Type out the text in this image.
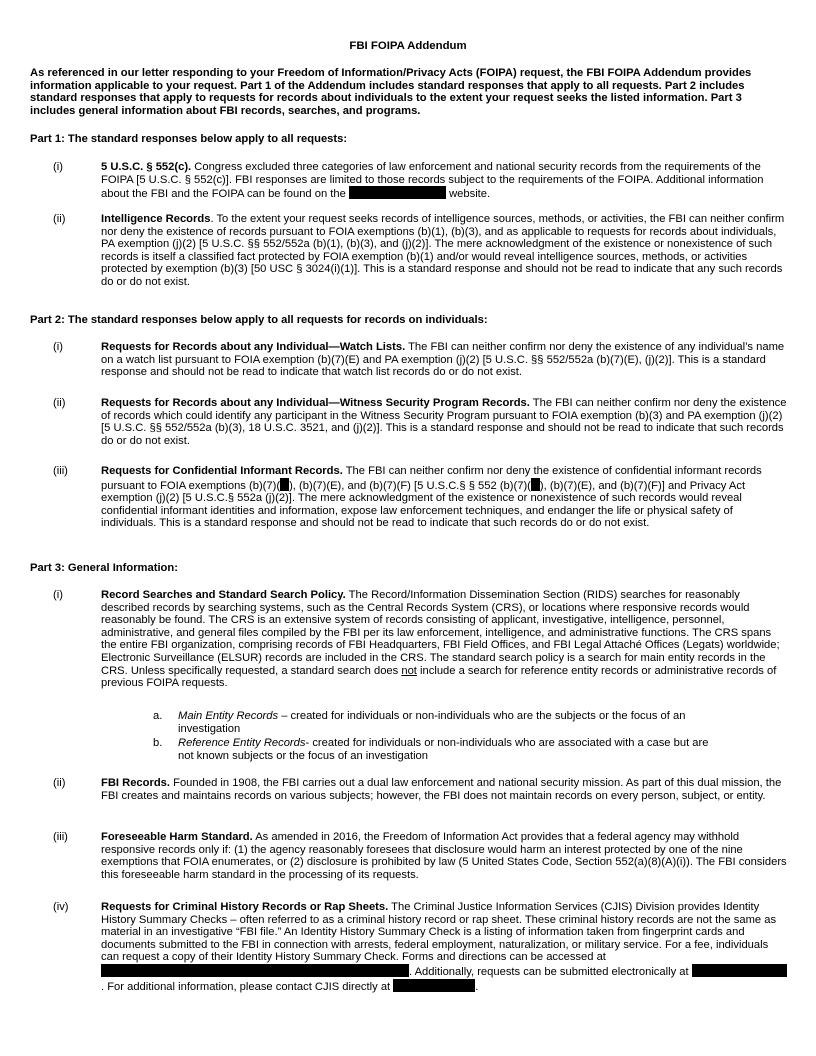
FBI FOIPA Addendum
As referenced in our letter responding to your Freedom of Information/Privacy Acts (FOIPA) request, the FBI FOIPA Addendum provides information applicable to your request. Part 1 of the Addendum includes standard responses that apply to all requests. Part 2 includes standard responses that apply to requests for records about individuals to the extent your request seeks the listed information. Part 3 includes general information about FBI records, searches, and programs.
Part 1: The standard responses below apply to all requests:
(i)	5 U.S.C. § 552(c). Congress excluded three categories of law enforcement and national security records from the requirements of the FOIPA [5 U.S.C. § 552(c)]. FBI responses are limited to those records subject to the requirements of the FOIPA. Additional information about the FBI and the FOIPA can be found on the	website.
(ii)	Intelligence Records. To the extent your request seeks records of intelligence sources, methods, or activities, the FBI can neither confirm nor deny the existence of records pursuant to FOIA exemptions (b)(1), (b)(3), and as applicable to requests for records about individuals, PA exemption (j)(2) [5 U.S.C. §§ 552/552a (b)(1), (b)(3), and (j)(2)]. The mere acknowledgment of the existence or nonexistence of such records is itself a classified fact protected by FOIA exemption (b)(1) and/or would reveal intelligence sources, methods, or activities protected by exemption (b)(3) [50 USC § 3024(i)(1)]. This is a standard response and should not be read to indicate that any such records do or do not exist.
Part 2: The standard responses below apply to all requests for records on individuals:
(i)	Requests for Records about any Individual—Watch Lists. The FBI can neither confirm nor deny the existence of any individual’s name on a watch list pursuant to FOIA exemption (b)(7)(E) and PA exemption (j)(2) [5 U.S.C. §§ 552/552a (b)(7)(E), (j)(2)]. This is a standard response and should not be read to indicate that watch list records do or do not exist.
(ii)	Requests for Records about any Individual—Witness Security Program Records. The FBI can neither confirm nor deny the existence of records which could identify any participant in the Witness Security Program pursuant to FOIA exemption (b)(3) and PA exemption (j)(2) [5 U.S.C. §§ 552/552a (b)(3), 18 U.S.C. 3521, and (j)(2)]. This is a standard response and should not be read to indicate that such records do or do not exist.
(iii)	Requests for Confidential Informant Records. The FBI can neither confirm nor deny the existence of confidential informant records pursuant to FOIA exemptions (b)(7)( ), (b)(7)(E), and (b)(7)(F) [5 U.S.C.§ § 552 (b)(7)( ), (b)(7)(E), and (b)(7)(F)] and Privacy Act exemption (j)(2) [5 U.S.C.§ 552a (j)(2)]. The mere acknowledgment of the existence or nonexistence of such records would reveal confidential informant identities and information, expose law enforcement techniques, and endanger the life or physical safety of individuals. This is a standard response and should not be read to indicate that such records do or do not exist.
Part 3: General Information:
(i)	Record Searches and Standard Search Policy. The Record/Information Dissemination Section (RIDS) searches for reasonably described records by searching systems, such as the Central Records System (CRS), or locations where responsive records would reasonably be found. The CRS is an extensive system of records consisting of applicant, investigative, intelligence, personnel, administrative, and general files compiled by the FBI per its law enforcement, intelligence, and administrative functions. The CRS spans the entire FBI organization, comprising records of FBI Headquarters, FBI Field Offices, and FBI Legal Attaché Offices (Legats) worldwide; Electronic Surveillance (ELSUR) records are included in the CRS. The standard search policy is a search for main entity records in the CRS. Unless specifically requested, a standard search does not include a search for reference entity records or administrative records of previous FOIPA requests.
a. Main Entity Records – created for individuals or non-individuals who are the subjects or the focus of an investigation
b. Reference Entity Records- created for individuals or non-individuals who are associated with a case but are not known subjects or the focus of an investigation
(ii)	FBI Records. Founded in 1908, the FBI carries out a dual law enforcement and national security mission. As part of this dual mission, the FBI creates and maintains records on various subjects; however, the FBI does not maintain records on every person, subject, or entity.
(iii)	Foreseeable Harm Standard. As amended in 2016, the Freedom of Information Act provides that a federal agency may withhold responsive records only if: (1) the agency reasonably foresees that disclosure would harm an interest protected by one of the nine exemptions that FOIA enumerates, or (2) disclosure is prohibited by law (5 United States Code, Section 552(a)(8)(A)(i)). The FBI considers this foreseeable harm standard in the processing of its requests.
(iv)	Requests for Criminal History Records or Rap Sheets. The Criminal Justice Information Services (CJIS) Division provides Identity History Summary Checks – often referred to as a criminal history record or rap sheet. These criminal history records are not the same as material in an investigative “FBI file.” An Identity History Summary Check is a listing of information taken from fingerprint cards and documents submitted to the FBI in connection with arrests, federal employment, naturalization, or military service. For a fee, individuals can request a copy of their Identity History Summary Check. Forms and directions can be accessed at . Additionally, requests can be submitted electronically at . For additional information, please contact CJIS directly at	.
